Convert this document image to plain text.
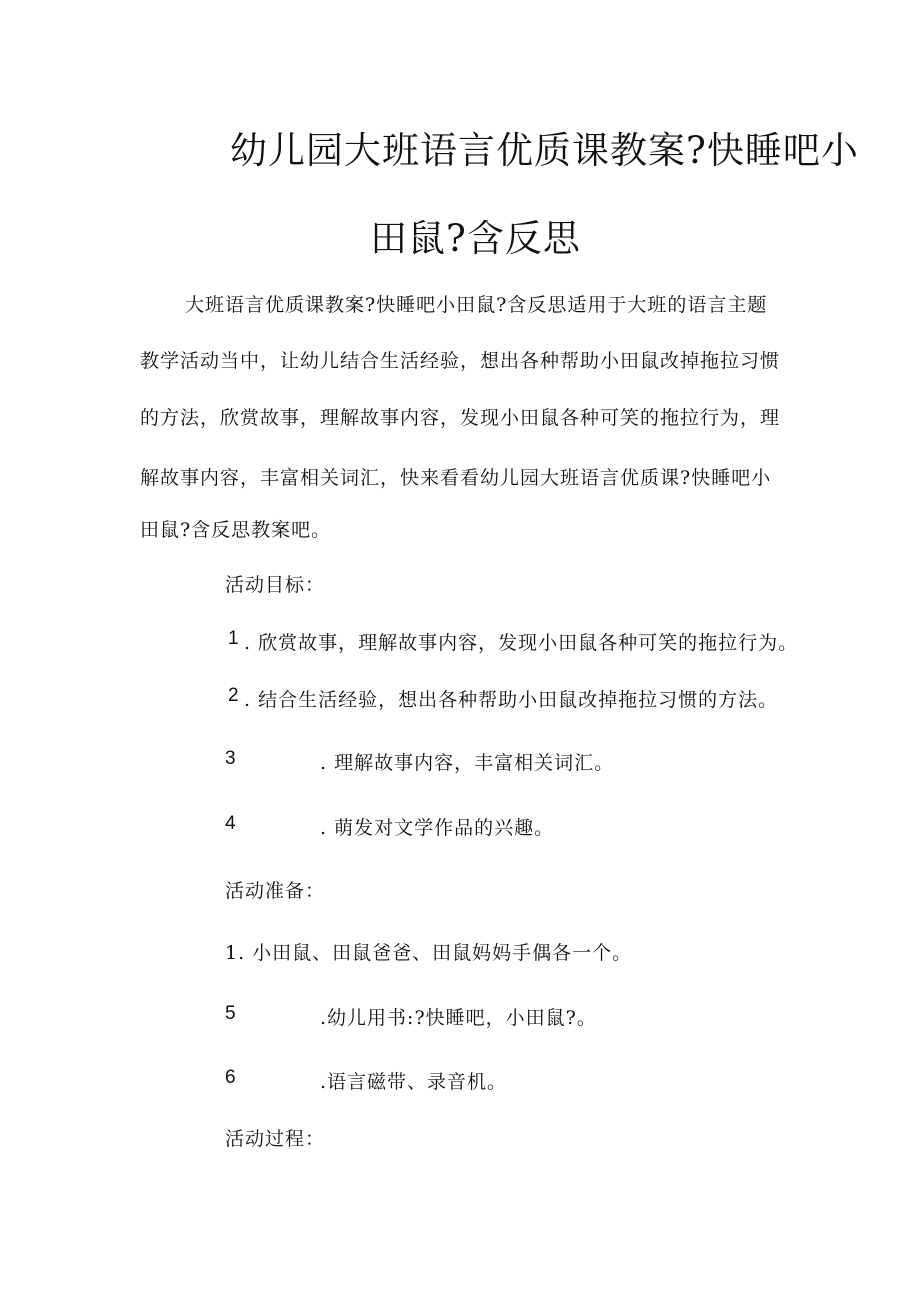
幼儿园大班语言优质课教案?快睡吧小
田鼠?含反思
大班语言优质课教案?快睡吧小田鼠?含反思适用于大班的语言主题
教学活动当中，让幼儿结合生活经验，想出各种帮助小田鼠改掉拖拉习惯
的方法，欣赏故事，理解故事内容，发现小田鼠各种可笑的拖拉行为，理
解故事内容，丰富相关词汇，快来看看幼儿园大班语言优质课?快睡吧小
田鼠?含反思教案吧。
活动目标：
1 . 欣赏故事，理解故事内容，发现小田鼠各种可笑的拖拉行为。
2 . 结合生活经验，想出各种帮助小田鼠改掉拖拉习惯的方法。
3	. 理解故事内容，丰富相关词汇。
4	. 萌发对文学作品的兴趣。
活动准备：
1. 小田鼠、田鼠爸爸、田鼠妈妈手偶各一个。
5	.幼儿用书:?快睡吧，小田鼠?。
6	.语言磁带、录音机。
活动过程：
